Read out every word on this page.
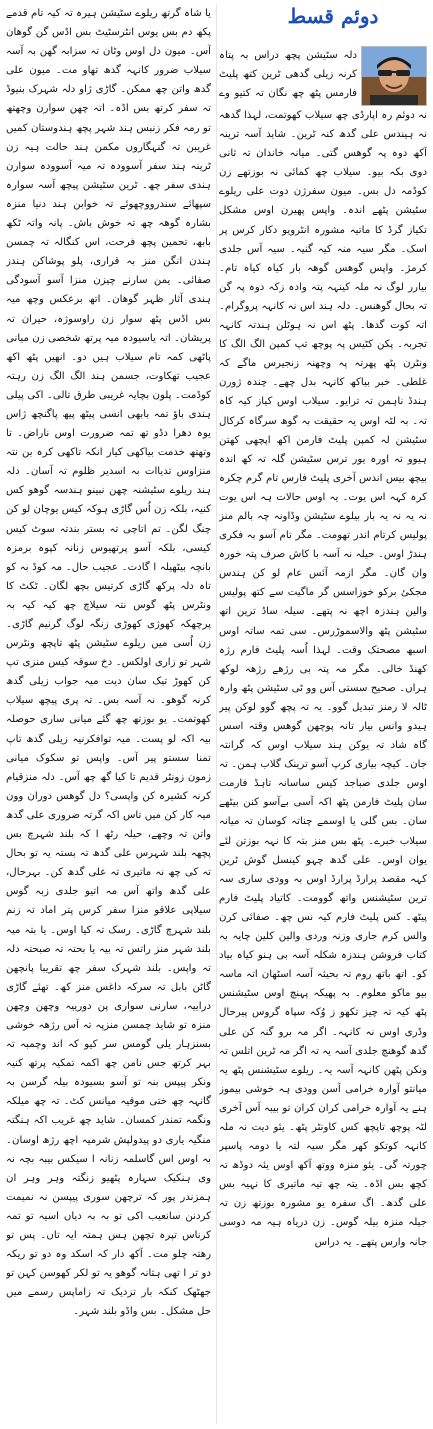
دوئم قسط
دلہ سٹیشن پچھ دراس بہ پتاہ کرنہ زیلی گدھی ٹرین کتھ پلیٹ فارمس پٹھ چھ نگان تہ کتیو وے
نہ دوئم رہ اپارڈی چھ سیلاب کھوتمت، لہذا گدھہ نہ ہیندس علی گدھ کنہ ٹرین۔ شاید آسہ ترینہ آکھ دوہ پہ گوھس گتی۔ میانہ خاندان تہ ثانی دوی بکہ بیو۔ سیلاب چھ کمائی نہ بوزتھے زن کوڈمہ دل بس۔ میون سفرژن دوت علی ریلوے سٹیشن پٹھے اندہ۔ واپس پھیرن اوس مشکل تکیاز گرڈ کا ماتیہ مشورہ انٹرویو دکار کرس پر اسک۔ مگر سیہ منہ کیہ گنیہ۔ سیہ آس جلدی کرمژ۔ واپس گوھس گوھہ بار کیاہ کیاہ تام۔ بیارر لوگ نہ ملہ کینہہ پتہ وادہ زکہ دوہ پہ گن تہ بحال گوھنس۔ دلہ ہند اس نہ کانہہ پروگرام۔ اتہ کوت گدھا۔ پٹھ اس نہ ہوٹلن ہندتہ کانہہ تجربہ۔ پکن کٹیس پہ پوچھ تپ کمپن الگ الگ کا ونٹرن پٹھ پھرتہ پہ وچھنہ زنجیرس ماگے کہ غلطی۔ خبر بیاکھ کانہہ بدل چھے۔ چندہ ژورن ہندڈ ناہمن تہ ترایو۔ سیلاب اوس کیاز کیہ کاہ تہ۔ بہ لٹہ اوس یہ حقیقت بہ گوھ سرگاہ کرکال سٹیشن لہ کمپن پلیٹ فارمن اکھ اپچھی کھتن ہیوو تہ اورہ یور ترس سٹیشن گلہ تہ کھ اندہ بیچھ بیس اندس آخری پلیٹ فارس تام گرم چکرہ کرہ کہہ اس یوت۔ یہ اوس حالات ہہ اس یوت نہ یہ نہ یہ بار بیلوے سٹیشن وڈاونہ چہ بالم منز پولیس کرتام اندر تھومت۔ مگر تام آسو بہ فکری ہندڑ اوس۔ حیلہ نہ آسہ با کاش صرف پتہ خورہ وان گان۔ مگر ازمہ آئس عام لو کن ہندس مجکئ برکو خوزاسس گر ماگیت سے کتھ پولیس والین ہندزہ اچھ نہ پتھے۔ سیلہ ساڈ ترین اتھ سٹیشن پٹھ والاسموڑرس۔ سی تمہ ساتہ اوس اسبھ مصحتک وقت۔ لہذا اُسہ پلیٹ فارم رژہ کھنڈ خالی۔ مگر مہ پتہ بی رژھے رژھہ لوکھ ہراں۔ صحیح سستی آس وو ٹی سٹیشن پٹھ وارہ ٹالہ لا رمنز تبدیل گوو۔ یہ تہ پچھ گوو لوکن پیر ہیدو وانس بیار تانہ پوچھن گوھس وقتہ اسس گاہ شاد تہ یوکن ہند سیلاب اوس کہ گرانتہ جان۔ کیچہ بیاری کرپ آسو ترینک گلاب ہمن۔ تہ اوس جلدی صباجد کیس ساسانہ تاہڈ فارمت سان پلیٹ فارمن پٹھ اکہ آسی بےآسو کنن بیٹھے سان۔ بس گلی یا اوسمے چناتہ کوسان تہ میانہ سیلاب خبرے۔ پٹھ بس منز بتہ کا نہہ بوزتن لئے یوان اوس۔ علی گدھ چہو کینسل گوش ٹرین کہہ مقصد پرارڈ پرارڈ اوس بہ وودی ساری سہ ترین سٹیشنس واتھ گوومت۔ کاتیاد پلیٹ فارم پیٹھ۔ کس پلیٹ فارم کیہ نس چھ۔ صفائی کرن والس کرم جاری وزنہ وردی والین کلین چایہ بہ کتاب فروشن ہندزہ شکلہ آسہ بی ہنو کیاہ بیاد کو۔ اتھ باتھ روم تہ بحیثہ آسہ اسٹھان اتہ ماسہ بیو ماکو معلوم۔ بہ پھیکہ پہنچ اوس سٹیشنس پٹھ کیہ تہ چیز تکھو ز وُکہ سپاہ گروس پیرحال وڈری اوس نہ کانہہ۔ اگر مہ برو گنہ کن علی گدھ گوھنچ جلدی آسہ یہ تہ اگر مہ ٹرین اتلس تہ ونکن پٹھن کانہہ آسہ یہ۔ ریلوے سٹیشنس پٹھ یہ میانتو آوارہ خرامی آسن وودی ہہ خوشی بیموز ہنے یہ آوارہ خرامی کران کران تو بیبہ آس آخری لٹہ پوچھ تاپچھ کس کاونٹر پٹھ۔ یئو دیت نہ ملہ کانہہ کوتکو کھر مگر سیہ لتہ یا دومہ پاسپر چورتہ گی۔ یئو منزہ ووتھ آکھ اوس یئہ دوڈھ تہ کچھ بس اڈہ۔ یتہ چھ تیہ ماتیری کا نہیہ بس علی گدھ۔ اگ سفرہ یو مشورہ بوزتھ زن تہ جیلہ منزہ بیلہ گوس۔ زن دریاہ ہیہ مہ دوسی جانہ وارس پتھے۔ یہ دراس
یا شاہ گرتھ ریلوے سٹیشن ہیرہ تہ کیہ تام قدمے پکھ دم بس یوس انٹرسٹیٹ بس اڈس گن گوھان آس۔ میون دل اوس وٹان تہ سزابہ گھن بہ آسہ سیلاب ضرور کانہہ گدھ تھاو مت۔ میون علی گدھ واتن چھ ممکن۔ گاڑی ژاو دلہ شہرک بنیوڈ تہ سفر کرتھ بس اڈہ۔ اتہ چھن سوارن وچھتھ تو رمہ فکر زنبس ہند شہر پچھ ہندوستان کمیں غریبن تہ گنہگاروں مکمن ہند حالت ہیہ زن ٹرینہ ہند سفر آسوودہ تہ میہ آسوودہ سوارن ہندی سفر چھ۔ ٹرین سٹیشن پیچھ آسہ سوارہ سپھائے سندرووچھوئے تہ خوابن ہند دنیا منزہ بشارہ گوھہ چھ تہ خوش باش۔ پانہ واتہ ٹکھ بابھ، تحمین پچھ فرحت، اس کنگالہ تہ چمسن ہندن انگن منز بہ قراری، پلو پوشاکن ہندز صفائی۔ یمن سارنے چیزن منزا آسو آسودگی ہندی آثار ظہر گوھان۔ اتھ برعکس وچھ میہ بس اڈس پٹھ سوار زن راوسوژہ، حیران تہ پریشان۔ اتہ یاسیودہ میہ پرتھ شخصی زن میانی پاٹھی کمہ تام سیلاب ہیں دو۔ انھیں پٹھ اکھ عجیب تھکاوت، جسمن ہند الگ الگ زن رہتہ کوڈمت۔ پلون بچایہ غریبی طرق تالی۔ اکی پیلی ہندی باؤ تمہ بابھی انسی پیٹھ پیھ پاگنچھ ژاس یوہ دھرا دڈو تھ تمہ ضرورت اوس ناراض۔ تا وتھتھ خدمت بیاکھی کیار انکہ تاکھی کرہ بن نتہ منزاوس تدیاات بہ اسدیر ظلوم تہ آسان۔ دلہ ہند ریلوے سٹیشنہ چھن نبینو ہندسہ گوھو کس کنیہ، بلکہ زن اُس گاڑی ہوکہ کیس یوچان لو کن چنگ لگن۔ تم اتاچی تہ بستر بندتہ سوٹ کیس کیسی، بلکہ آسو پرتھیوس زنانہ کپوہ برمزہ بانچہ بیٹھیلہ ا گادت۔ عجیب حال۔ مہ کوڈ بہ کو تاہ دلہ پرکھ گاڑی کرتیس بچھ لگان۔ ٹکٹ کا ونٹرس پٹھ گوس نتہ سیلاچ چھ کیہ کیہ بہ پرچھکہ کھوژی کھوڑی زنگہ لوگ گرنیم گاڑی۔ زن اُسی میں ریلوے سٹیشن پٹھ تاپچھ ونٹرس شہر تو زاری اولکس۔ دخ سوقہ کیس منزی تپ کن کھوڑ تیک سان دیت میہ جواب زیلی گدھ کرنہ گوھو۔ نہ آسہ بس۔ تہ پری پیچھ سیلاب کھوتمت۔ یو بوزتھ چھ گئے میانی ساری حوصلہ بیہ اکہ لو پست۔ میہ توافکرنیہ زیلی گدھ تاپ تمنا سستو پیر آس۔ واپس تو سکوک میانی زمون زونٹر قدیم تا کیا گھ چھ آس۔ دلہ منزقیام کرنہ کشیرہ کن واپسی؟ دل گوھس دوران وون میہ کار کن میں تاس اکہ گرتہ ضروری علی گدھ واتن تہ وچھے، حیلہ رٹھ ا کہ بلند شہرچ بس پچھہ بلند شہرس علی گدھ تہ بستہ یہ تو بحال تہ کی چھ نہ ماتیری تہ علی گدھ کن۔ بہرحال، علی گدھ واتھ آس مہ اتیو جلدی زبہ گوس سیلاپی علاقو منزا سفر کرس پتر اماد تہ زنم بلند شہرچ گاڑی۔ رسک تہ کیا اوس۔ یا بتہ میہ بلند شہر منز راتس تہ بیہ یا بحتہ تہ صبحتہ دلہ تہ واپس۔ بلند شہرک سفر چھ تقریبا پانچھن گاٹن بابل تہ سرکہ داغس منز کھ۔ تھئے گاڑی دراییہ، سارنی سواری پن دورییہ وچھن وچھن منزہ تو شاید چمسن منزپہ تہ آس رژھہ خوشی بسنزہار یلی گومس سر کیو کہ اند وچمبہ تہ بہر کرتھ جس نامن چھ اکمہ تمکیہ پرتھ کنیہ ونکر پیپس بنہ تو آسو بسیودہ بیلہ گرسن بہ گانہہ چھ ختی موقیہ میانس کٹ۔ تہ چھ میلکہ ونگمہ تمندر کمسان۔ شاید چھ غریب اکہ ہنگتہ منگیہ یاری دو پیدولپش شرمیہ اچھ رژھ اوسان۔ بہ اوس اس گاسلمہ زنانہ ا سیکس بیبہ بچہ نہ وی ہنکیک سہارہ پٹھیو زنگتہ وہر وہر ان ہمزندر پور کہ ترچھن سوری پیپسن نہ نمیمت کردنن سانعیب اکی تو بہ بہ دیاں اسیہ تو تمہ کرناس تپرہ تچھن ہس ہمتہ ایہ تاں۔ پس تو رھتہ چلو مت۔ آکھ دار کہ اسکد وہ دو تو ریکہ دو تر ا تھی ہتانہ گوھو یہ تو لکر کھوسن کہن تو جھٹھک کنکہ بار تزدیک تہ زاماپس رسمے میں حل مشکل۔ بس واڈو بلند شہر۔
